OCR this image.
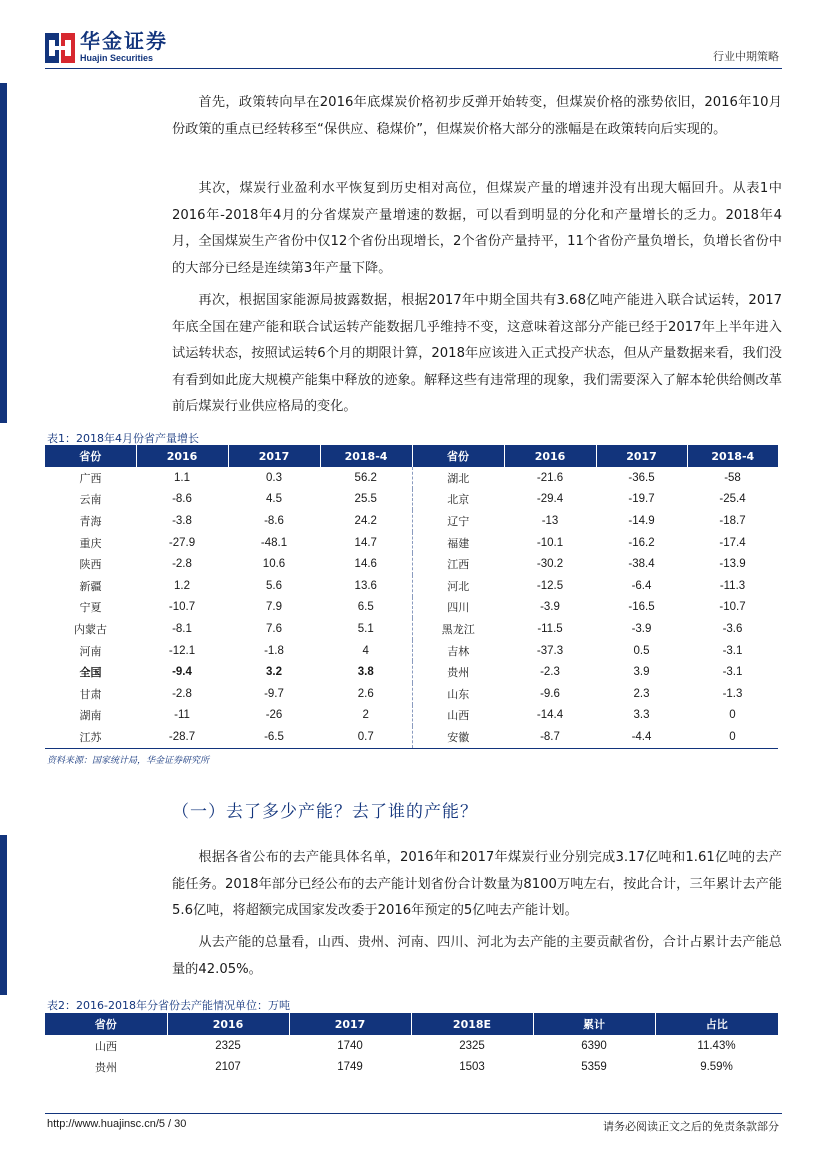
华金证券
Huajin Securities	行业中期策略

首先，政策转向早在2016年底煤炭价格初步反弹开始转变，但煤炭价格的涨势依旧，2016年10月份政策的重点已经转移至“保供应、稳煤价”，但煤炭价格大部分的涨幅是在政策转向后实现的。

其次，煤炭行业盈利水平恢复到历史相对高位，但煤炭产量的增速并没有出现大幅回升。从表1中2016年-2018年4月的分省煤炭产量增速的数据，可以看到明显的分化和产量增长的乏力。2018年4月，全国煤炭生产省份中仅12个省份出现增长，2个省份产量持平，11个省份产量负增长，负增长省份中的大部分已经是连续第3年产量下降。

再次，根据国家能源局披露数据，根据2017年中期全国共有3.68亿吨产能进入联合试运转，2017年底全国在建产能和联合试运转产能数据几乎维持不变，这意味着这部分产能已经于2017年上半年进入试运转状态，按照试运转6个月的期限计算，2018年应该进入正式投产状态，但从产量数据来看，我们没有看到如此庞大规模产能集中释放的迹象。解释这些有违常理的现象，我们需要深入了解本轮供给侧改革前后煤炭行业供应格局的变化。

表1：2018年4月份省产量增长
省份	2016	2017	2018-4	省份	2016	2017	2018-4
广西	1.1	0.3	56.2	湖北	-21.6	-36.5	-58
云南	-8.6	4.5	25.5	北京	-29.4	-19.7	-25.4
青海	-3.8	-8.6	24.2	辽宁	-13	-14.9	-18.7
重庆	-27.9	-48.1	14.7	福建	-10.1	-16.2	-17.4
陕西	-2.8	10.6	14.6	江西	-30.2	-38.4	-13.9
新疆	1.2	5.6	13.6	河北	-12.5	-6.4	-11.3
宁夏	-10.7	7.9	6.5	四川	-3.9	-16.5	-10.7
内蒙古	-8.1	7.6	5.1	黑龙江	-11.5	-3.9	-3.6
河南	-12.1	-1.8	4	吉林	-37.3	0.5	-3.1
全国	-9.4	3.2	3.8	贵州	-2.3	3.9	-3.1
甘肃	-2.8	-9.7	2.6	山东	-9.6	2.3	-1.3
湖南	-11	-26	2	山西	-14.4	3.3	0
江苏	-28.7	-6.5	0.7	安徽	-8.7	-4.4	0
资料来源：国家统计局，华金证券研究所
（一）去了多少产能？去了谁的产能？

根据各省公布的去产能具体名单，2016年和2017年煤炭行业分别完成3.17亿吨和1.61亿吨的去产能任务。2018年部分已经公布的去产能计划省份合计数量为8100万吨左右，按此合计，三年累计去产能5.6亿吨，将超额完成国家发改委于2016年预定的5亿吨去产能计划。

从去产能的总量看，山西、贵州、河南、四川、河北为去产能的主要贡献省份，合计占累计去产能总量的42.05%。

表2：2016-2018年分省份去产能情况单位：万吨
省份	2016	2017	2018E	累计	占比
山西	2325	1740	2325	6390	11.43%
贵州	2107	1749	1503	5359	9.59%
http://www.huajinsc.cn/5 / 30	请务必阅读正文之后的免责条款部分
